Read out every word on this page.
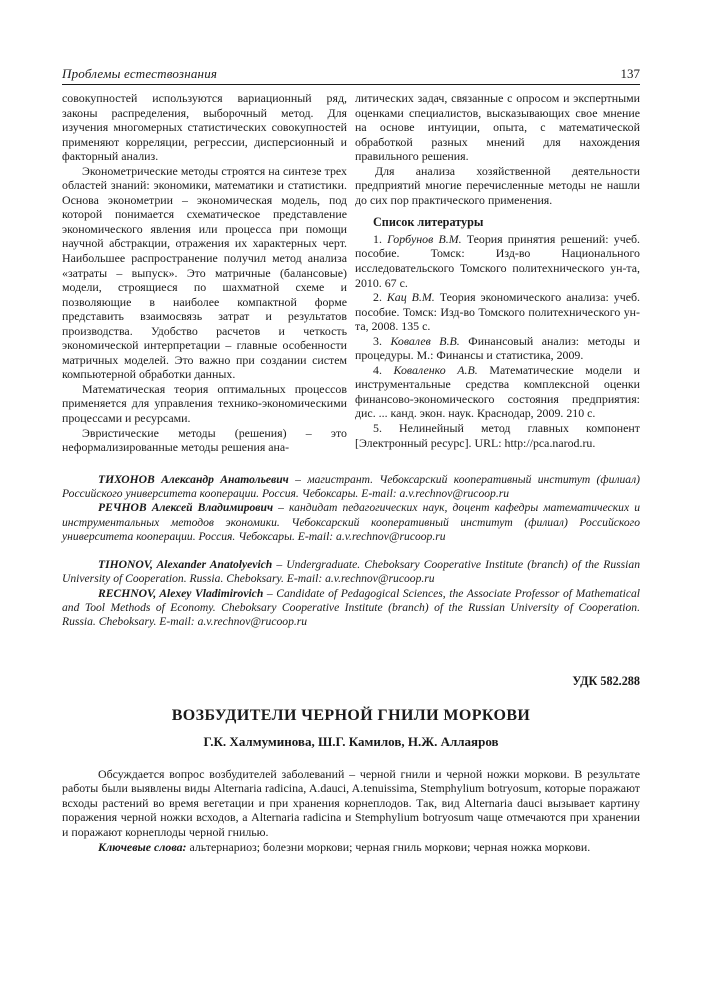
Проблемы естествознания	137

совокупностей используются вариационный ряд, законы распределения, выборочный метод. Для изучения многомерных статистических совокупностей применяют корреляции, регрессии, дисперсионный и факторный анализ.

Эконометрические методы строятся на синтезе трех областей знаний: экономики, математики и статистики. Основа эконометрии – экономическая модель, под которой понимается схематическое представление экономического явления или процесса при помощи научной абстракции, отражения их характерных черт. Наибольшее распространение получил метод анализа «затраты – выпуск». Это матричные (балансовые) модели, строящиеся по шахматной схеме и позволяющие в наиболее компактной форме представить взаимосвязь затрат и результатов производства. Удобство расчетов и четкость экономической интерпретации – главные особенности матричных моделей. Это важно при создании систем компьютерной обработки данных.

Математическая теория оптимальных процессов применяется для управления технико-экономическими процессами и ресурсами.

Эвристические методы (решения) – это неформализированные методы решения ана-

литических задач, связанные с опросом и экспертными оценками специалистов, высказывающих свое мнение на основе интуиции, опыта, с математической обработкой разных мнений для нахождения правильного решения.

Для анализа хозяйственной деятельности предприятий многие перечисленные методы не нашли до сих пор практического применения.

Список литературы

1. Горбунов В.М. Теория принятия решений: учеб. пособие. Томск: Изд-во Национального исследовательского Томского политехнического ун-та, 2010. 67 с.

2. Кац В.М. Теория экономического анализа: учеб. пособие. Томск: Изд-во Томского политехнического ун-та, 2008. 135 с.

3. Ковалев В.В. Финансовый анализ: методы и процедуры. М.: Финансы и статистика, 2009.

4. Коваленко А.В. Математические модели и инструментальные средства комплексной оценки финансово-экономического состояния предприятия: дис. ... канд. экон. наук. Краснодар, 2009. 210 с.

5. Нелинейный метод главных компонент [Электронный ресурс]. URL: http://pca.narod.ru.

ТИХОНОВ Александр Анатольевич – магистрант. Чебоксарский кооперативный институт (филиал) Российского университета кооперации. Россия. Чебоксары. E-mail: a.v.rechnov@rucoop.ru

РЕЧНОВ Алексей Владимирович – кандидат педагогических наук, доцент кафедры математических и инструментальных методов экономики. Чебоксарский кооперативный институт (филиал) Российского университета кооперации. Россия. Чебоксары. E-mail: a.v.rechnov@rucoop.ru

TIHONOV, Alexander Anatolyevich – Undergraduate. Cheboksary Cooperative Institute (branch) of the Russian University of Cooperation. Russia. Cheboksary. E-mail: a.v.rechnov@rucoop.ru

RECHNOV, Alexey Vladimirovich – Candidate of Pedagogical Sciences, the Associate Professor of Mathematical and Tool Methods of Economy. Cheboksary Cooperative Institute (branch) of the Russian University of Cooperation. Russia. Cheboksary. E-mail: a.v.rechnov@rucoop.ru

УДК 582.288
ВОЗБУДИТЕЛИ ЧЕРНОЙ ГНИЛИ МОРКОВИ
Г.К. Халмуминова, Ш.Г. Камилов, Н.Ж. Аллаяров

Обсуждается вопрос возбудителей заболеваний – черной гнили и черной ножки моркови. В результате работы были выявлены виды Alternaria radicina, A.dauci, A.tenuissima, Stemphylium botryosum, которые поражают всходы растений во время вегетации и при хранения корнеплодов. Так, вид Alternaria dauci вызывает картину поражения черной ножки всходов, а Alternaria radicina и Stemphylium botryosum чаще отмечаются при хранении и поражают корнеплоды черной гнилью.

Ключевые слова: альтернариоз; болезни моркови; черная гниль моркови; черная ножка моркови.
